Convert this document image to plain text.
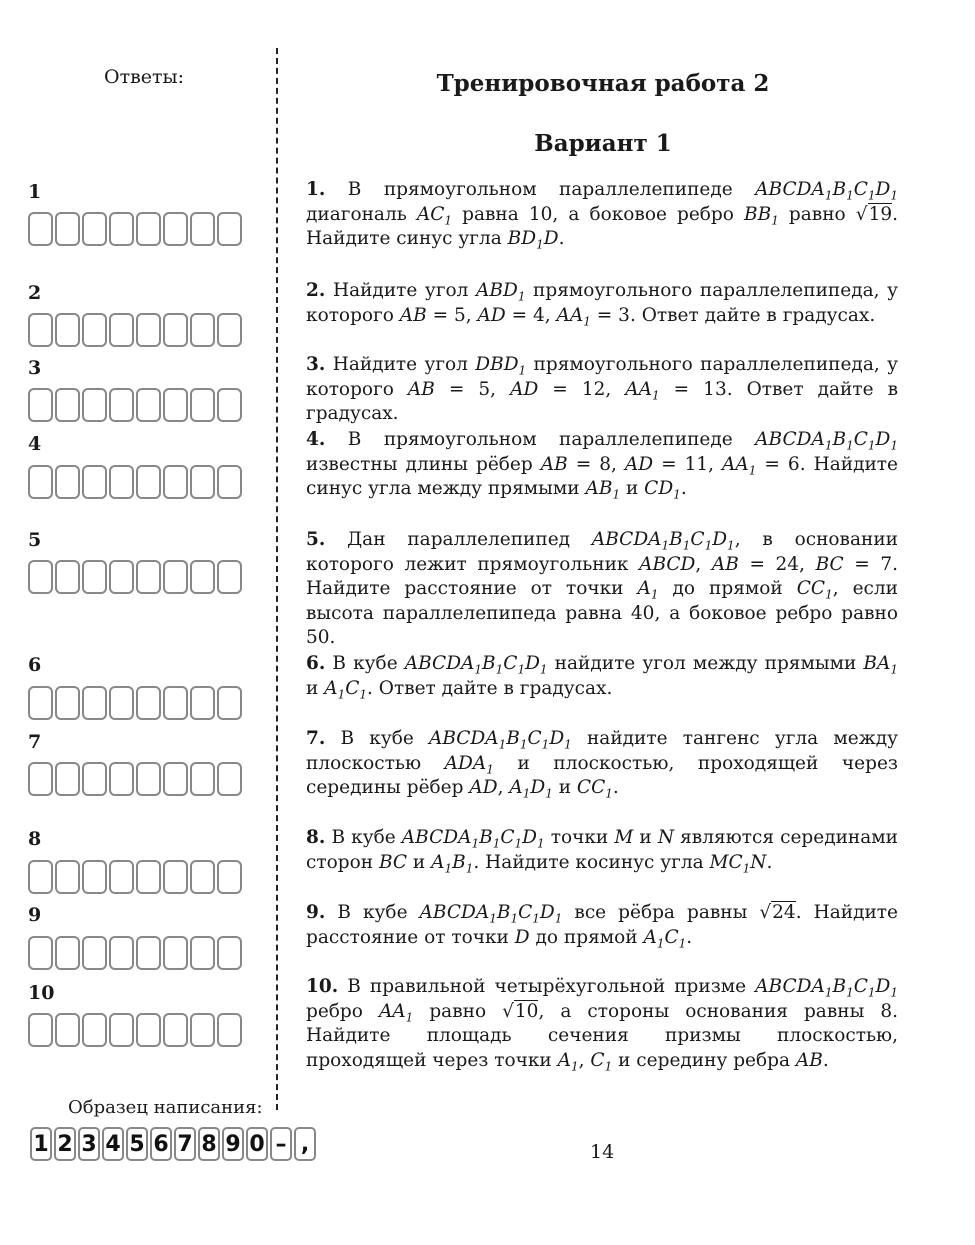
Ответы:
1
2
3
4
5
6
7
8
9
10
Образец написания:
1 2 3 4 5 6 7 8 9 0 – ,
Тренировочная работа 2
Вариант 1
1. В прямоугольном параллелепипеде $ABCDA_1B_1C_1D_1$ диагональ $AC_1$ равна 10, а боковое ребро $BB_1$ равно √19. Найдите синус угла $BD_1D$.
2. Найдите угол $ABD_1$ прямоугольного параллелепипеда, у которого AB = 5, AD = 4, $AA_1 = 3$. Ответ дайте в градусах.
3. Найдите угол $DBD_1$ прямоугольного параллелепипеда, у которого AB = 5, AD = 12, $AA_1 = 13$. Ответ дайте в градусах.
4. В прямоугольном параллелепипеде $ABCDA_1B_1C_1D_1$ известны длины рёбер AB = 8, AD = 11, $AA_1 = 6$. Найдите синус угла между прямыми $AB_1$ и $CD_1$.
5. Дан параллелепипед $ABCDA_1B_1C_1D_1$, в основании которого лежит прямоугольник ABCD, AB = 24, BC = 7. Найдите расстояние от точки $A_1$ до прямой $CC_1$, если высота параллелепипеда равна 40, а боковое ребро равно 50.
6. В кубе $ABCDA_1B_1C_1D_1$ найдите угол между прямыми $BA_1$ и $A_1C_1$. Ответ дайте в градусах.
7. В кубе $ABCDA_1B_1C_1D_1$ найдите тангенс угла между плоскостью $ADA_1$ и плоскостью, проходящей через середины рёбер AD, $A_1D_1$ и $CC_1$.
8. В кубе $ABCDA_1B_1C_1D_1$ точки M и N являются серединами сторон BC и $A_1B_1$. Найдите косинус угла $MC_1N$.
9. В кубе $ABCDA_1B_1C_1D_1$ все рёбра равны √24. Найдите расстояние от точки D до прямой $A_1C_1$.
10. В правильной четырёхугольной призме $ABCDA_1B_1C_1D_1$ ребро $AA_1$ равно √10, а стороны основания равны 8. Найдите площадь сечения призмы плоскостью, проходящей через точки $A_1$, $C_1$ и середину ребра AB.
14
